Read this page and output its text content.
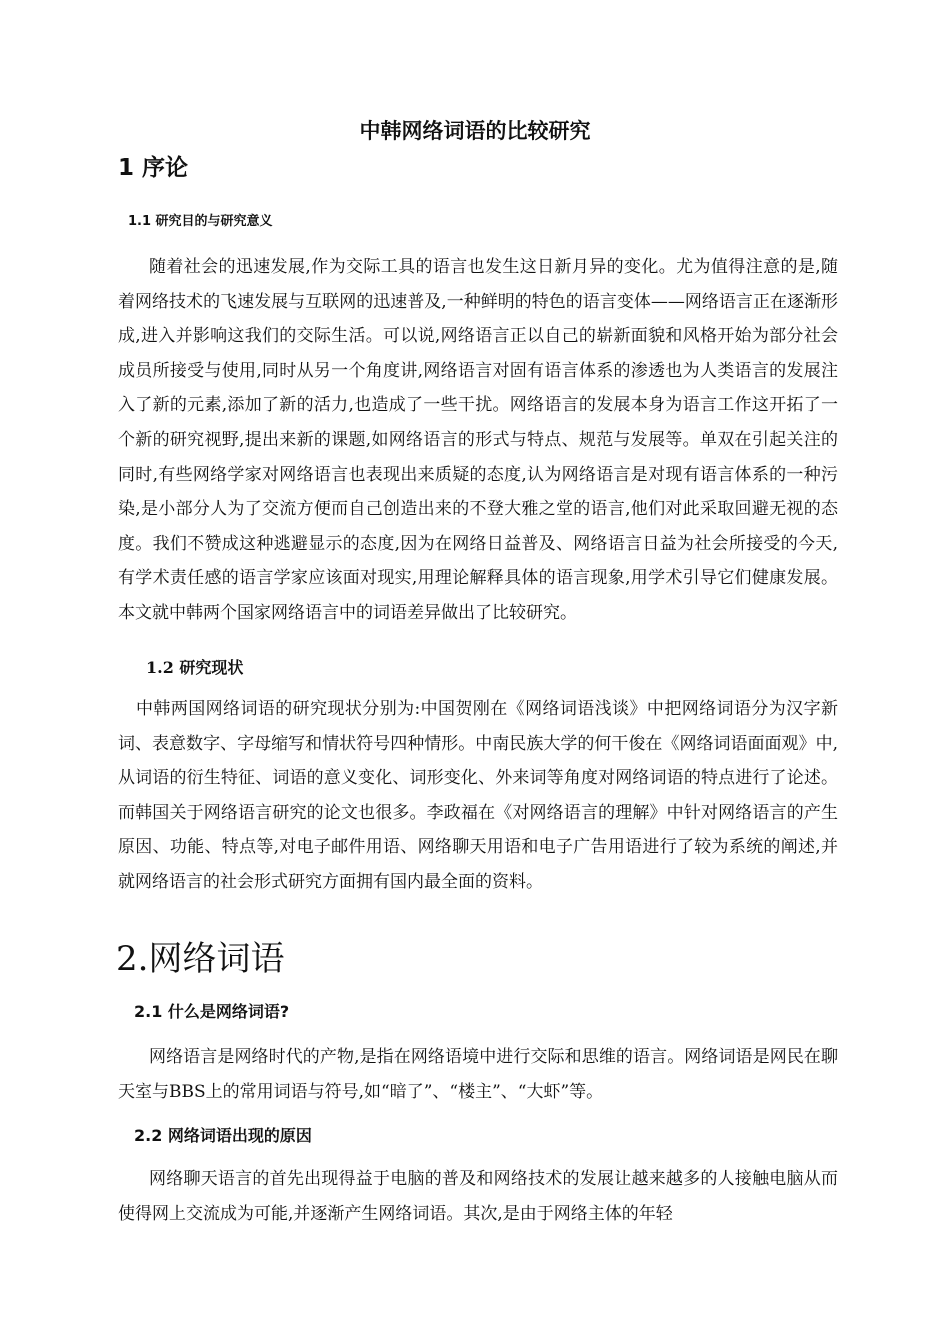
中韩网络词语的比较研究
1 序论
1.1 研究目的与研究意义

随着社会的迅速发展,作为交际工具的语言也发生这日新月异的变化。尤为值得注意的是,随着网络技术的飞速发展与互联网的迅速普及,一种鲜明的特色的语言变体——网络语言正在逐渐形成,进入并影响这我们的交际生活。可以说,网络语言正以自己的崭新面貌和风格开始为部分社会成员所接受与使用,同时从另一个角度讲,网络语言对固有语言体系的渗透也为人类语言的发展注入了新的元素,添加了新的活力,也造成了一些干扰。网络语言的发展本身为语言工作这开拓了一个新的研究视野,提出来新的课题,如网络语言的形式与特点、规范与发展等。单双在引起关注的同时,有些网络学家对网络语言也表现出来质疑的态度,认为网络语言是对现有语言体系的一种污染,是小部分人为了交流方便而自己创造出来的不登大雅之堂的语言,他们对此采取回避无视的态度。我们不赞成这种逃避显示的态度,因为在网络日益普及、网络语言日益为社会所接受的今天,有学术责任感的语言学家应该面对现实,用理论解释具体的语言现象,用学术引导它们健康发展。本文就中韩两个国家网络语言中的词语差异做出了比较研究。

1.2 研究现状

中韩两国网络词语的研究现状分别为:中国贺刚在《网络词语浅谈》中把网络词语分为汉字新词、表意数字、字母缩写和情状符号四种情形。中南民族大学的何干俊在《网络词语面面观》中,从词语的衍生特征、词语的意义变化、词形变化、外来词等角度对网络词语的特点进行了论述。而韩国关于网络语言研究的论文也很多。李政福在《对网络语言的理解》中针对网络语言的产生原因、功能、特点等,对电子邮件用语、网络聊天用语和电子广告用语进行了较为系统的阐述,并就网络语言的社会形式研究方面拥有国内最全面的资料。

2.网络词语
2.1 什么是网络词语?

网络语言是网络时代的产物,是指在网络语境中进行交际和思维的语言。网络词语是网民在聊天室与BBS上的常用词语与符号,如“暗了”、“楼主”、“大虾”等。

2.2 网络词语出现的原因

网络聊天语言的首先出现得益于电脑的普及和网络技术的发展让越来越多的人接触电脑从而使得网上交流成为可能,并逐渐产生网络词语。其次,是由于网络主体的年轻
